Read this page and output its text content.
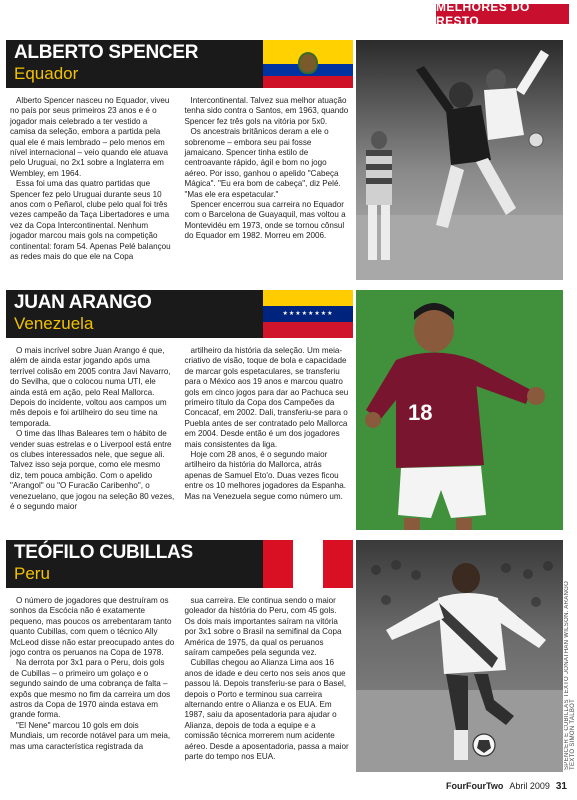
MELHORES DO RESTO
ALBERTO SPENCER
Equador

Alberto Spencer nasceu no Equador, viveu no país por seus primeiros 23 anos e é o jogador mais celebrado a ter vestido a camisa da seleção, embora a partida pela qual ele é mais lembrado – pelo menos em nível internacional – veio quando ele atuava pelo Uruguai, no 2x1 sobre a Inglaterra em Wembley, em 1964.

Essa foi uma das quatro partidas que Spencer fez pelo Uruguai durante seus 10 anos com o Peñarol, clube pelo qual foi três vezes campeão da Taça Libertadores e uma vez da Copa Intercontinental. Nenhum jogador marcou mais gols na competição continental: foram 54. Apenas Pelé balançou as redes mais do que ele na Copa

Intercontinental. Talvez sua melhor atuação tenha sido contra o Santos, em 1963, quando Spencer fez três gols na vitória por 5x0.

Os ancestrais britânicos deram a ele o sobrenome – embora seu pai fosse jamaicano. Spencer tinha estilo de centroavante rápido, ágil e bom no jogo aéreo. Por isso, ganhou o apelido "Cabeça Mágica". "Eu era bom de cabeça", diz Pelé. "Mas ele era espetacular."

Spencer encerrou sua carreira no Equador com o Barcelona de Guayaquil, mas voltou a Montevidéu em 1973, onde se tornou cônsul do Equador em 1982. Morreu em 2006.

JUAN ARANGO
Venezuela	★★★★★★★★

O mais incrível sobre Juan Arango é que, além de ainda estar jogando após uma terrível colisão em 2005 contra Javi Navarro, do Sevilha, que o colocou numa UTI, ele ainda está em ação, pelo Real Mallorca. Depois do incidente, voltou aos campos um mês depois e foi artilheiro do seu time na temporada.

O time das Ilhas Baleares tem o hábito de vender suas estrelas e o Liverpool está entre os clubes interessados nele, que segue ali. Talvez isso seja porque, como ele mesmo diz, tem pouca ambição. Com o apelido "Arangol" ou "O Furacão Caribenho", o venezuelano, que jogou na seleção 80 vezes, é o segundo maior

artilheiro da história da seleção. Um meia-criativo de visão, toque de bola e capacidade de marcar gols espetaculares, se transferiu para o México aos 19 anos e marcou quatro gols em cinco jogos para dar ao Pachuca seu primeiro título da Copa dos Campeões da Concacaf, em 2002. Dali, transferiu-se para o Puebla antes de ser contratado pelo Mallorca em 2004. Desde então é um dos jogadores mais consistentes da liga.

Hoje com 28 anos, é o segundo maior artilheiro da história do Mallorca, atrás apenas de Samuel Eto'o. Duas vezes ficou entre os 10 melhores jogadores da Espanha. Mas na Venezuela segue como número um.

18
TEÓFILO CUBILLAS
Peru

O número de jogadores que destruíram os sonhos da Escócia não é exatamente pequeno, mas poucos os arrebentaram tanto quanto Cubillas, com quem o técnico Ally McLeod disse não estar preocupado antes do jogo contra os peruanos na Copa de 1978.

Na derrota por 3x1 para o Peru, dois gols de Cubillas – o primeiro um golaço e o segundo saindo de uma cobrança de falta – expôs que mesmo no fim da carreira um dos astros da Copa de 1970 ainda estava em grande forma.

"El Nene" marcou 10 gols em dois Mundiais, um recorde notável para um meia, mas uma característica registrada da

sua carreira. Ele continua sendo o maior goleador da história do Peru, com 45 gols. Os dois mais importantes saíram na vitória por 3x1 sobre o Brasil na semifinal da Copa América de 1975, da qual os peruanos saíram campeões pela segunda vez.

Cubillas chegou ao Alianza Lima aos 16 anos de idade e deu certo nos seis anos que passou lá. Depois transferiu-se para o Basel, depois o Porto e terminou sua carreira alternando entre o Alianza e os EUA. Em 1987, saiu da aposentadoria para ajudar o Alianza, depois de toda a equipe e a comissão técnica morrerem num acidente aéreo. Desde a aposentadoria, passa a maior parte do tempo nos EUA.	SPENCER E CUBILLAS TEXTO JONATHAN WILSON. ARANGO TEXTO SIMON TALBOT
FourFourTwo Abril 2009 31
